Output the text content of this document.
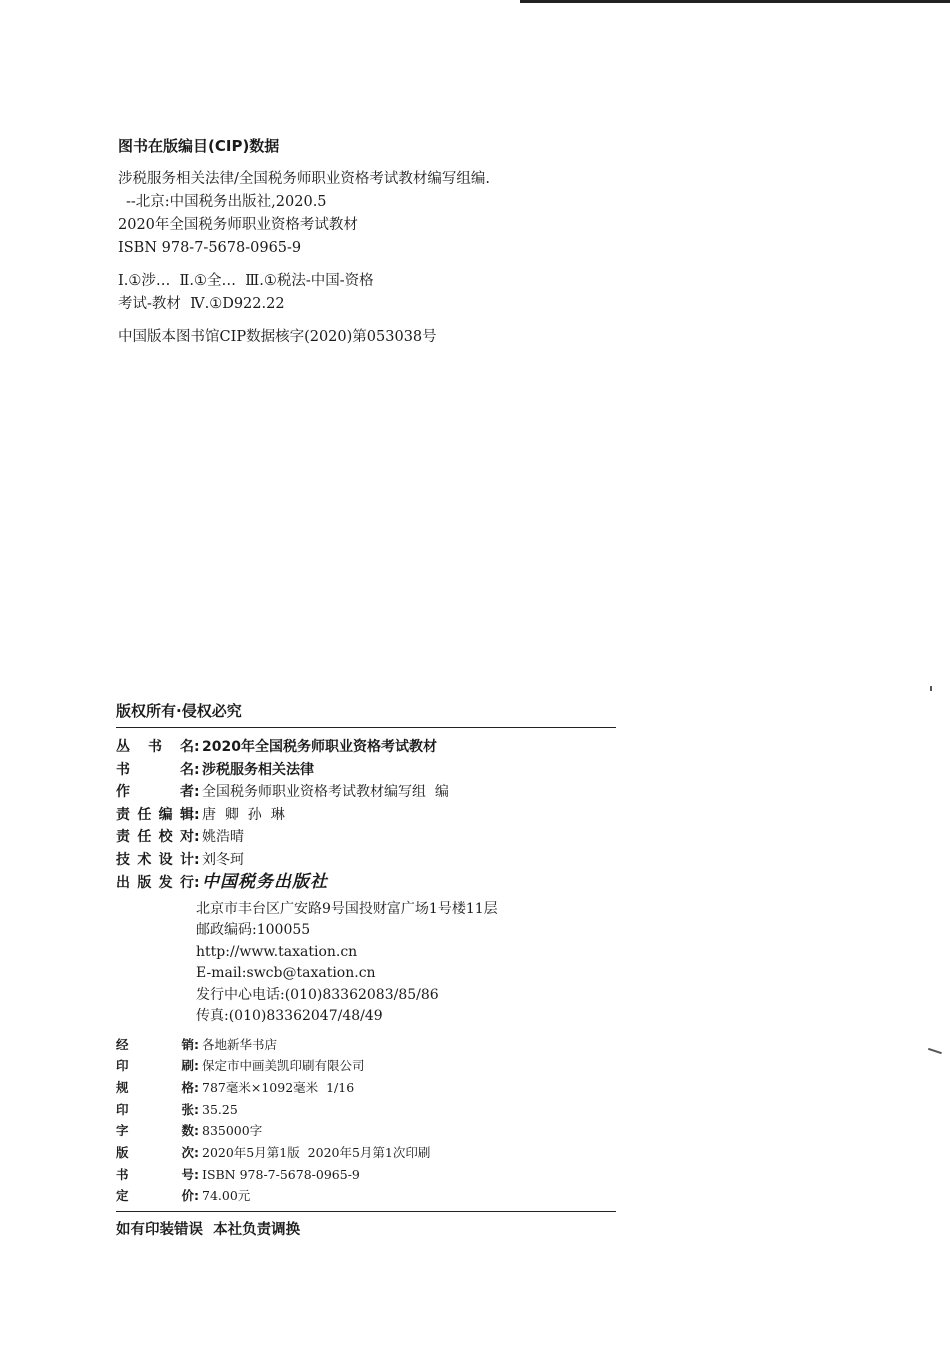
图书在版编目(CIP)数据
涉税服务相关法律/全国税务师职业资格考试教材编写组编.
--北京:中国税务出版社,2020.5
2020年全国税务师职业资格考试教材
ISBN 978-7-5678-0965-9
Ⅰ.①涉…  Ⅱ.①全…  Ⅲ.①税法-中国-资格
考试-教材  Ⅳ.①D922.22
中国版本图书馆CIP数据核字(2020)第053038号
版权所有·侵权必究
丛 书 名 : 2020年全国税务师职业资格考试教材
书	名 : 涉税服务相关法律
作	者 : 全国税务师职业资格考试教材编写组  编
责 任 编 辑 : 唐  卿  孙  琳
责 任 校 对 : 姚浩晴
技 术 设 计 : 刘冬珂
出 版 发 行 : 中国税务出版社
北京市丰台区广安路9号国投财富广场1号楼11层
邮政编码:100055
http://www.taxation.cn
E-mail:swcb@taxation.cn
发行中心电话:(010)83362083/85/86
传真:(010)83362047/48/49
经	销 : 各地新华书店
印	刷 : 保定市中画美凯印刷有限公司
规	格 : 787毫米×1092毫米  1/16
印	张 : 35.25
字	数 : 835000字
版	次 : 2020年5月第1版  2020年5月第1次印刷
书	号 : ISBN 978-7-5678-0965-9
定	价 : 74.00元
如有印装错误  本社负责调换
